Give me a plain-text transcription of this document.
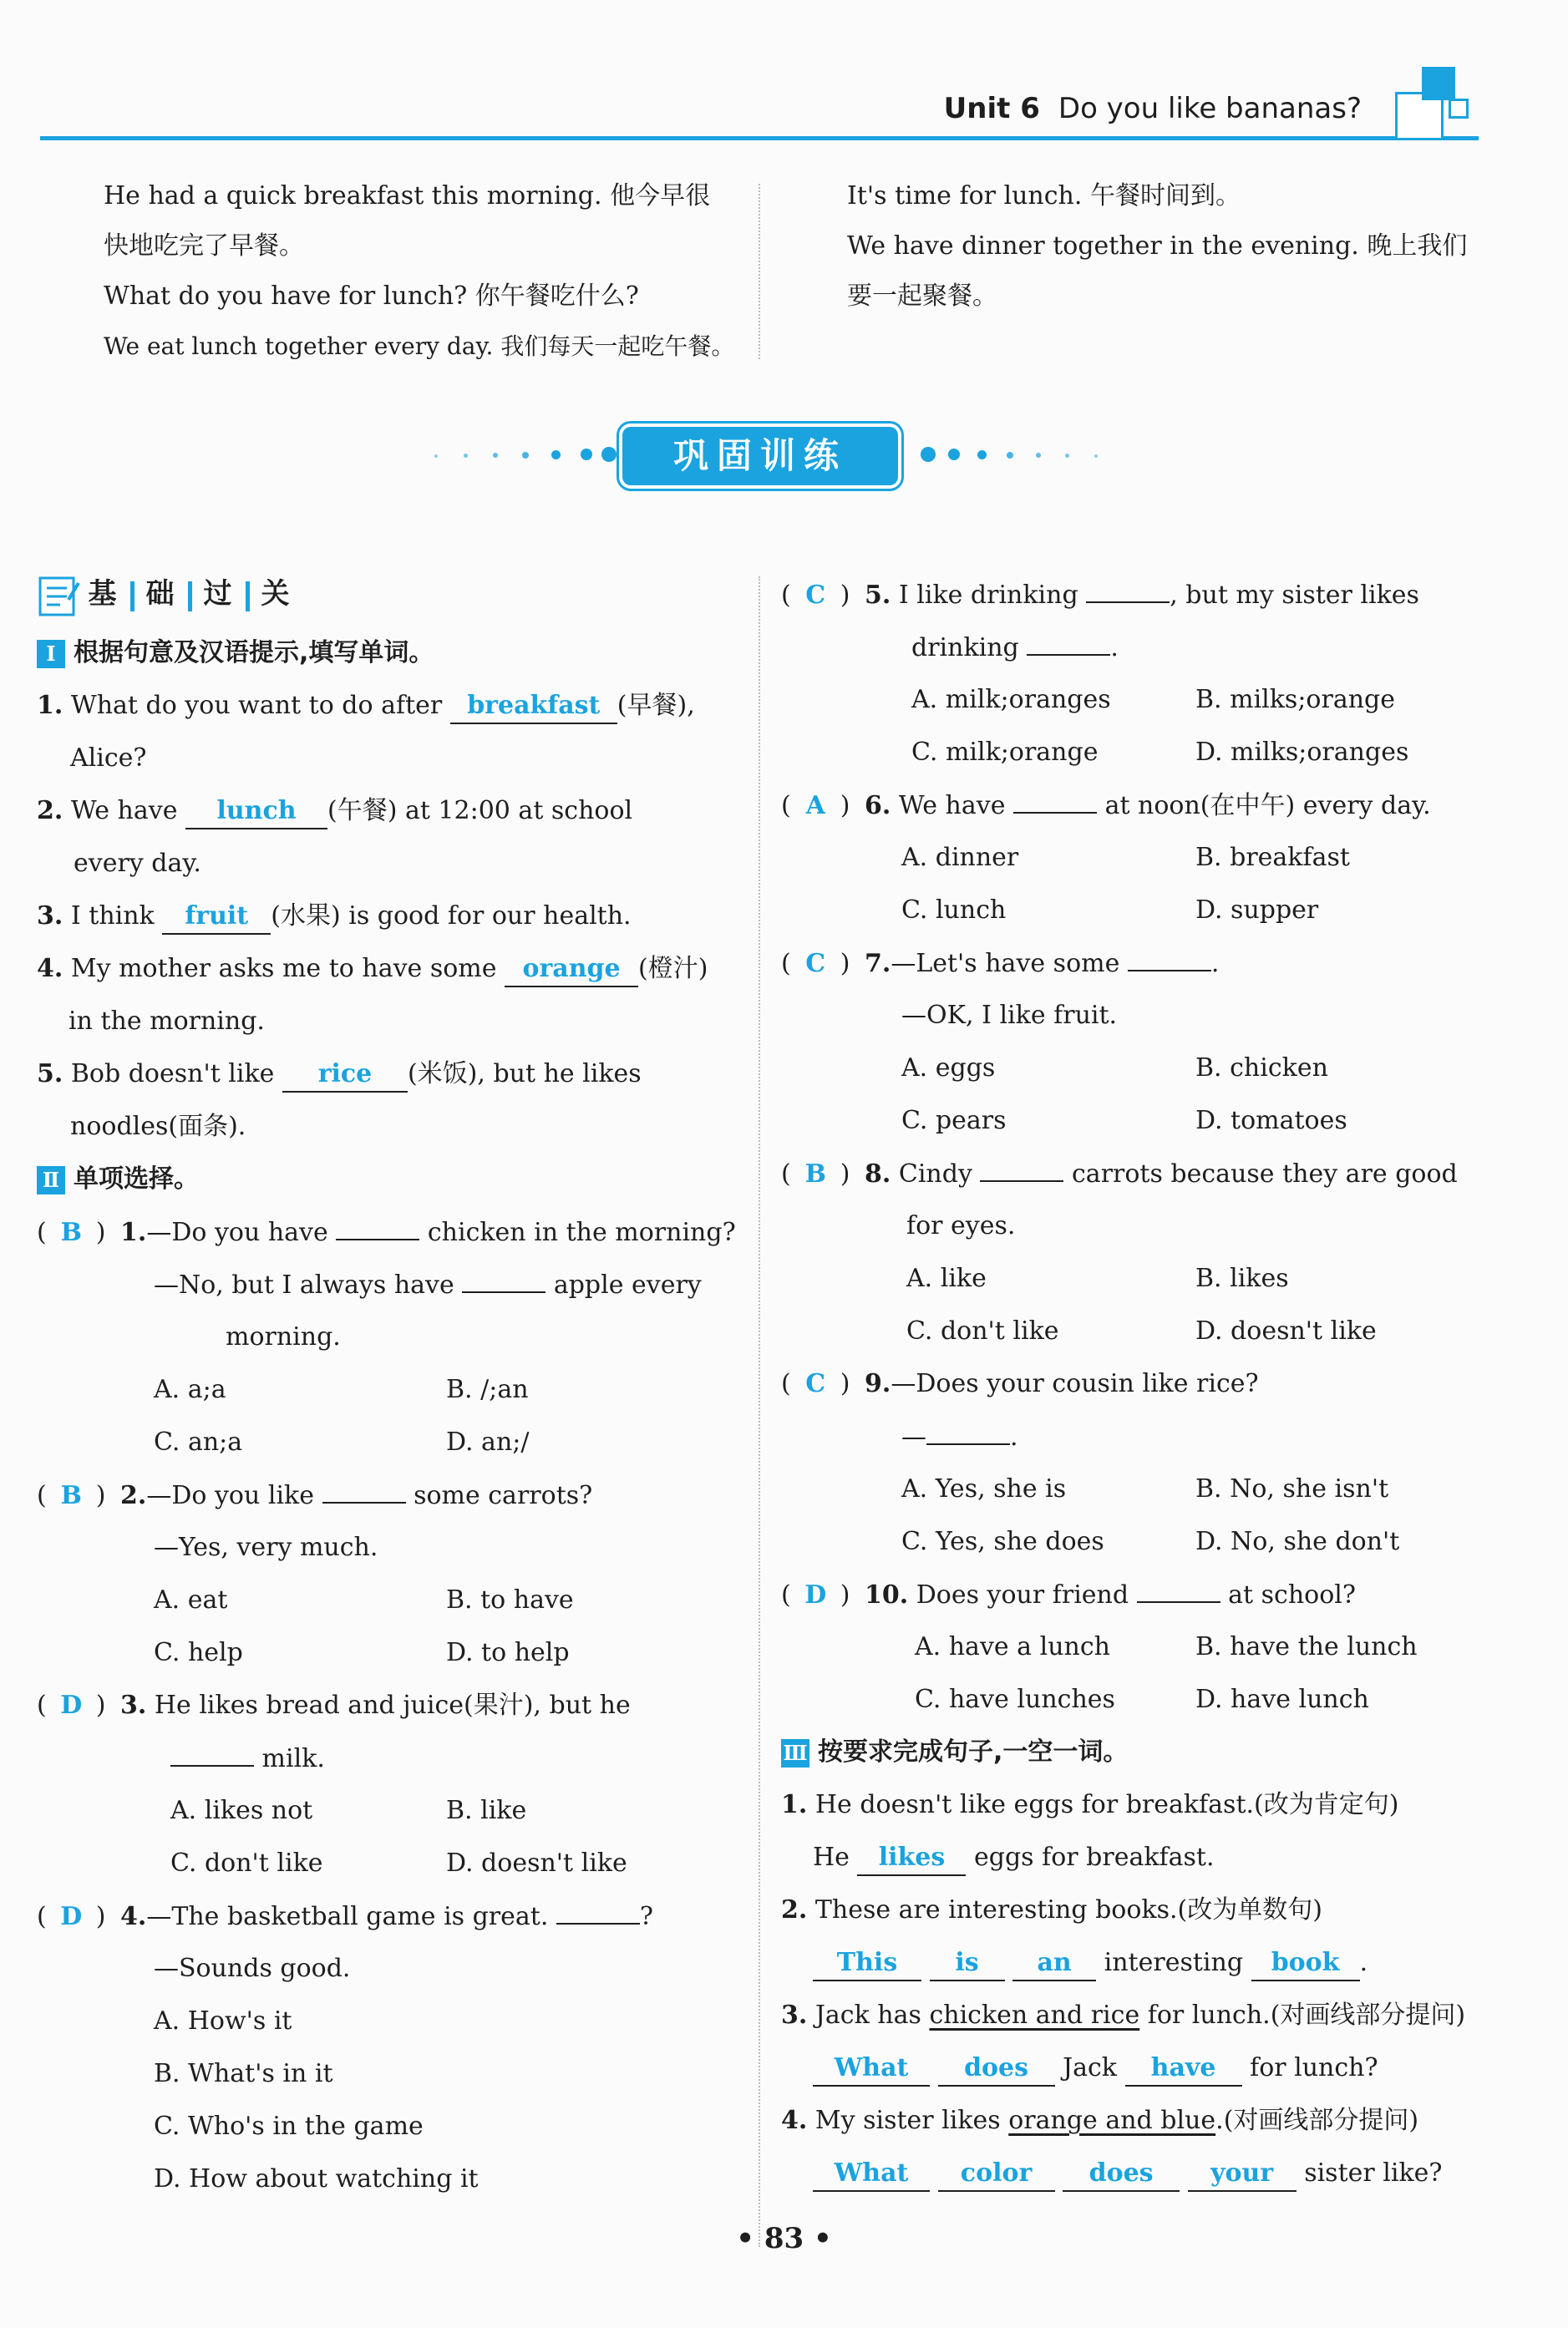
Unit 6 Do you like bananas?
He had a quick breakfast this morning. 他今早很
快地吃完了早餐。
What do you have for lunch? 你午餐吃什么?
We eat lunch together every day. 我们每天一起吃午餐。
It's time for lunch. 午餐时间到。
We have dinner together in the evening. 晚上我们
要一起聚餐。
巩固训练
基 础 过 关
Ⅰ 根据句意及汉语提示,填写单词。
1. What do you want to do after breakfast (早餐),
Alice?
2. We have lunch (午餐) at 12:00 at school
every day.
3. I think fruit (水果) is good for our health.
4. My mother asks me to have some orange (橙汁)
in the morning.
5. Bob doesn't like rice (米饭), but he likes
noodles(面条).
Ⅱ 单项选择。
( B ) 1.—Do you have	chicken in the morning?
—No, but I always have	apple every
morning.
A. a;a	B. /;an
C. an;a	D. an;/
( B ) 2.—Do you like	some carrots?
—Yes, very much.
A. eat	B. to have
C. help	D. to help
( D ) 3. He likes bread and juice(果汁), but he
milk.
A. likes not	B. like
C. don't like	D. doesn't like
( D ) 4.—The basketball game is great.	?
—Sounds good.
A. How's it
B. What's in it
C. Who's in the game
D. How about watching it
( C ) 5. I like drinking	, but my sister likes
drinking	.
A. milk;oranges	B. milks;orange
C. milk;orange	D. milks;oranges
( A ) 6. We have	at noon(在中午) every day.
A. dinner	B. breakfast
C. lunch	D. supper
( C ) 7.—Let's have some	.
—OK, I like fruit.
A. eggs	B. chicken
C. pears	D. tomatoes
( B ) 8. Cindy	carrots because they are good
for eyes.
A. like	B. likes
C. don't like	D. doesn't like
( C ) 9.—Does your cousin like rice?
—	.
A. Yes, she is	B. No, she isn't
C. Yes, she does	D. No, she don't
( D ) 10. Does your friend	at school?
A. have a lunch	B. have the lunch
C. have lunches	D. have lunch
Ⅲ 按要求完成句子,一空一词。
1. He doesn't like eggs for breakfast.(改为肯定句)
He likes eggs for breakfast.
2. These are interesting books.(改为单数句)
This is an interesting book .
3. Jack has chicken and rice for lunch.(对画线部分提问)
What does Jack have for lunch?
4. My sister likes orange and blue.(对画线部分提问)
What color does your sister like?
• 83 •
